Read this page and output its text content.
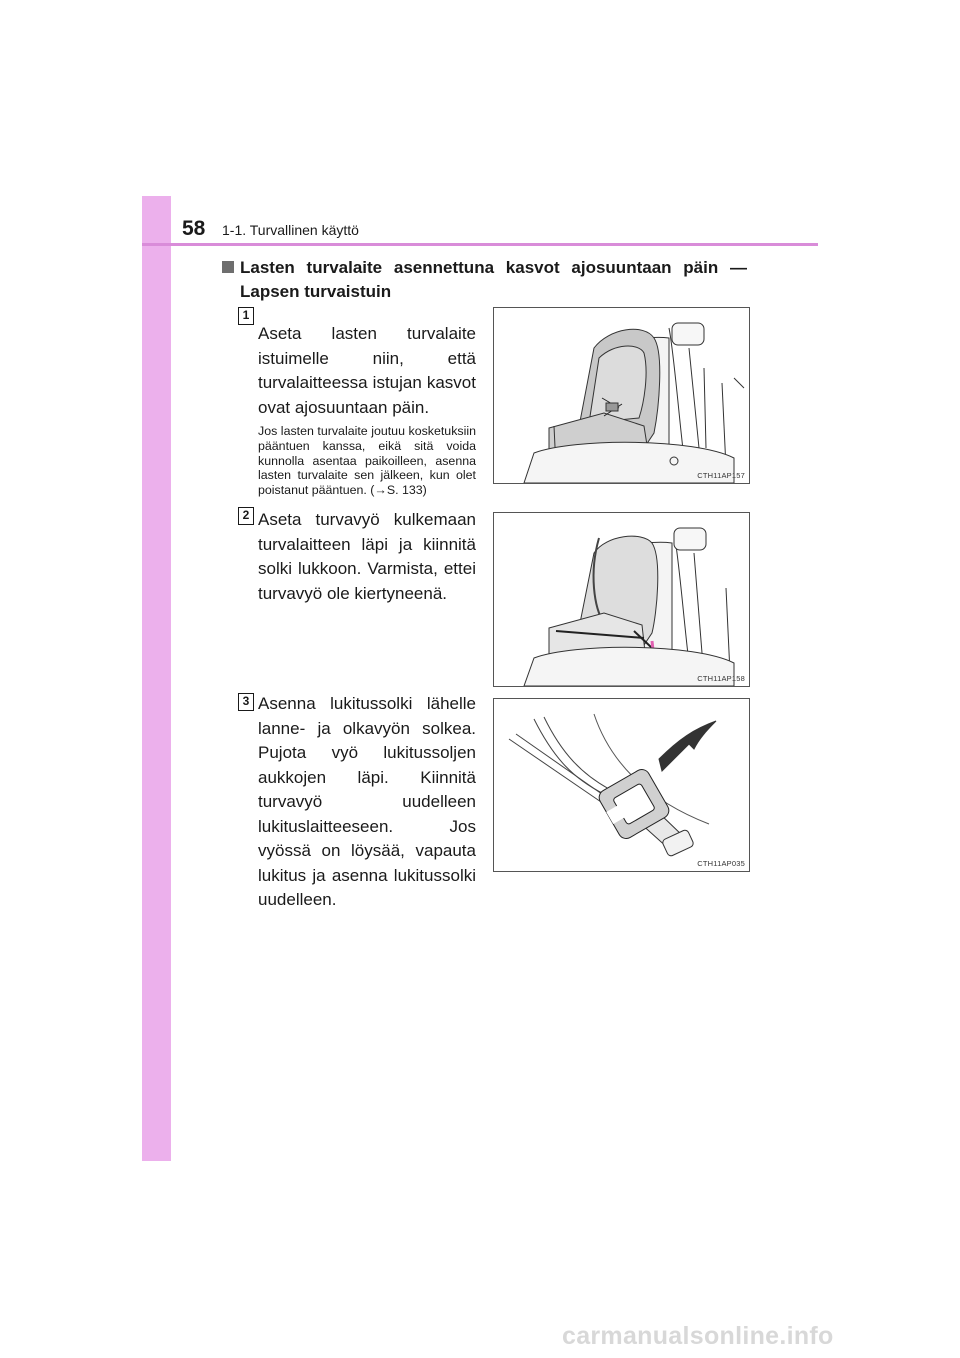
58 1-1. Turvallinen käyttö
Lasten turvalaite asennettuna kasvot ajosuuntaan päin —
Lapsen turvaistuin
1
Aseta lasten turvalaite istuimelle niin, että turvalaitteessa istujan kasvot ovat ajosuuntaan päin.
Jos lasten turvalaite joutuu kosketuksiin pääntuen kanssa, eikä sitä voida kunnolla asentaa paikoilleen, asenna lasten turvalaite sen jälkeen, kun olet poistanut pääntuen. (→S. 133)
CTH11AP157
2 Aseta turvavyö kulkemaan turvalaitteen läpi ja kiinnitä solki lukkoon. Varmista, ettei turvavyö ole kiertyneenä.
CTH11AP158
3 Asenna lukitussolki lähelle lanne- ja olkavyön solkea. Pujota vyö lukitussoljen aukkojen läpi. Kiinnitä turvavyö uudelleen lukituslaitteeseen. Jos vyössä on löysää, vapauta lukitus ja asenna lukitussolki uudelleen.
CTH11AP035
carmanualsonline.info
